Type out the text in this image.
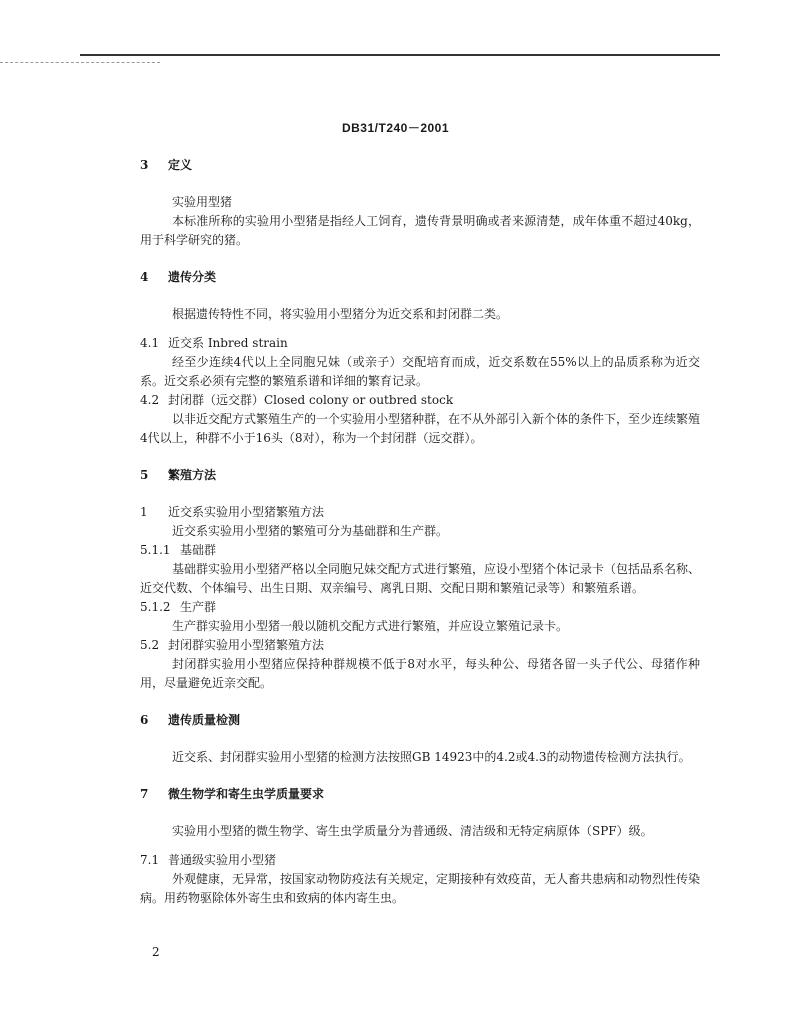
DB31/T240－2001

3 定义

实验用型猪

本标准所称的实验用小型猪是指经人工饲育，遗传背景明确或者来源清楚，成年体重不超过40kg，用于科学研究的猪。

4 遗传分类

根据遗传特性不同，将实验用小型猪分为近交系和封闭群二类。

4.1 近交系 Inbred strain

经至少连续4代以上全同胞兄妹（或亲子）交配培育而成，近交系数在55%以上的品质系称为近交系。近交系必须有完整的繁殖系谱和详细的繁育记录。

4.2 封闭群（远交群）Closed colony or outbred stock

以非近交配方式繁殖生产的一个实验用小型猪种群，在不从外部引入新个体的条件下，至少连续繁殖4代以上，种群不小于16头（8对），称为一个封闭群（远交群）。

5 繁殖方法

1 近交系实验用小型猪繁殖方法

近交系实验用小型猪的繁殖可分为基础群和生产群。

5.1.1 基础群

基础群实验用小型猪严格以全同胞兄妹交配方式进行繁殖，应设小型猪个体记录卡（包括品系名称、近交代数、个体编号、出生日期、双亲编号、离乳日期、交配日期和繁殖记录等）和繁殖系谱。

5.1.2 生产群

生产群实验用小型猪一般以随机交配方式进行繁殖，并应设立繁殖记录卡。

5.2 封闭群实验用小型猪繁殖方法

封闭群实验用小型猪应保持种群规模不低于8对水平，每头种公、母猪各留一头子代公、母猪作种用，尽量避免近亲交配。

6 遗传质量检测

近交系、封闭群实验用小型猪的检测方法按照GB 14923中的4.2或4.3的动物遗传检测方法执行。

7 微生物学和寄生虫学质量要求

实验用小型猪的微生物学、寄生虫学质量分为普通级、清洁级和无特定病原体（SPF）级。

7.1 普通级实验用小型猪

外观健康，无异常，按国家动物防疫法有关规定，定期接种有效疫苗，无人畜共患病和动物烈性传染病。用药物驱除体外寄生虫和致病的体内寄生虫。

2
